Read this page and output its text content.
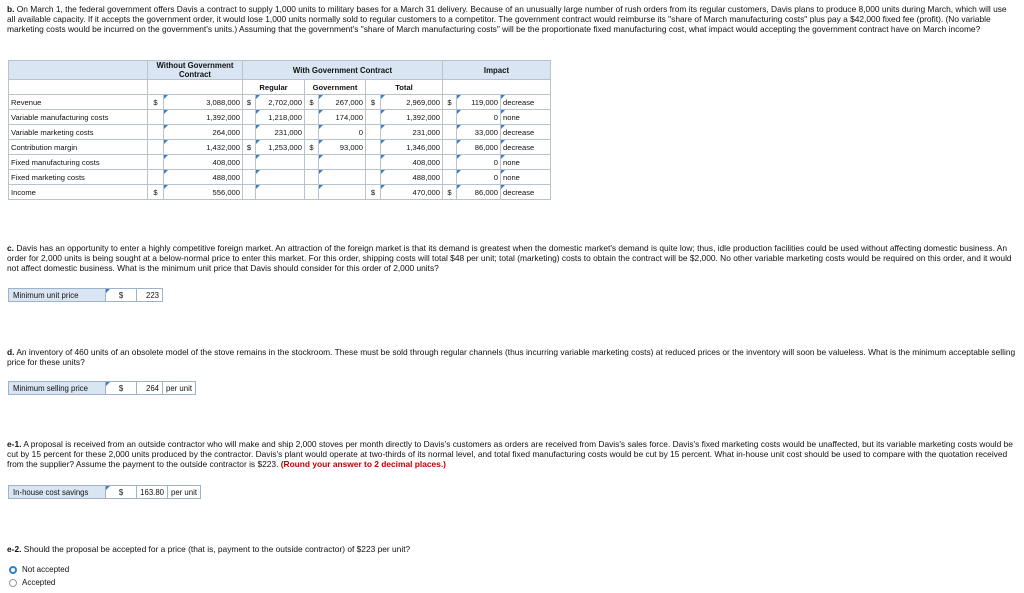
b. On March 1, the federal government offers Davis a contract to supply 1,000 units to military bases for a March 31 delivery. Because of an unusually large number of rush orders from its regular customers, Davis plans to produce 8,000 units during March, which will use all available capacity. If it accepts the government order, it would lose 1,000 units normally sold to regular customers to a competitor. The government contract would reimburse its "share of March manufacturing costs" plus pay a $42,000 fixed fee (profit). (No variable marketing costs would be incurred on the government's units.) Assuming that the government's "share of March manufacturing costs" will be the proportionate fixed manufacturing cost, what impact would accepting the government contract have on March income?
	Without Government Contract		With Government Contract						Impact		
			Regular		Government		Total				
Revenue	$	3,088,000	$	2,702,000	$	267,000	$	2,969,000	$	119,000	decrease
Variable manufacturing costs		1,392,000		1,218,000		174,000		1,392,000		0	none
Variable marketing costs		264,000		231,000		0		231,000		33,000	decrease
Contribution margin		1,432,000	$	1,253,000	$	93,000		1,346,000		86,000	decrease
Fixed manufacturing costs		408,000						408,000		0	none
Fixed marketing costs		488,000						488,000		0	none
Income	$	556,000					$	470,000	$	86,000	decrease
c. Davis has an opportunity to enter a highly competitive foreign market. An attraction of the foreign market is that its demand is greatest when the domestic market's demand is quite low; thus, idle production facilities could be used without affecting domestic business. An order for 2,000 units is being sought at a below-normal price to enter this market. For this order, shipping costs will total $48 per unit; total (marketing) costs to obtain the contract will be $2,000. No other variable marketing costs would be required on this order, and it would not affect domestic business. What is the minimum unit price that Davis should consider for this order of 2,000 units?
Minimum unit price	$	223
d. An inventory of 460 units of an obsolete model of the stove remains in the stockroom. These must be sold through regular channels (thus incurring variable marketing costs) at reduced prices or the inventory will soon be valueless. What is the minimum acceptable selling price for these units?
Minimum selling price	$	264 per unit
e-1. A proposal is received from an outside contractor who will make and ship 2,000 stoves per month directly to Davis's customers as orders are received from Davis's sales force. Davis's fixed marketing costs would be unaffected, but its variable marketing costs would be cut by 15 percent for these 2,000 units produced by the contractor. Davis's plant would operate at two-thirds of its normal level, and total fixed manufacturing costs would be cut by 15 percent. What in-house unit cost should be used to compare with the quotation received from the supplier? Assume the payment to the outside contractor is $223. (Round your answer to 2 decimal places.)
In-house cost savings	$	163.80 per unit
e-2. Should the proposal be accepted for a price (that is, payment to the outside contractor) of $223 per unit?
Not accepted
Accepted
